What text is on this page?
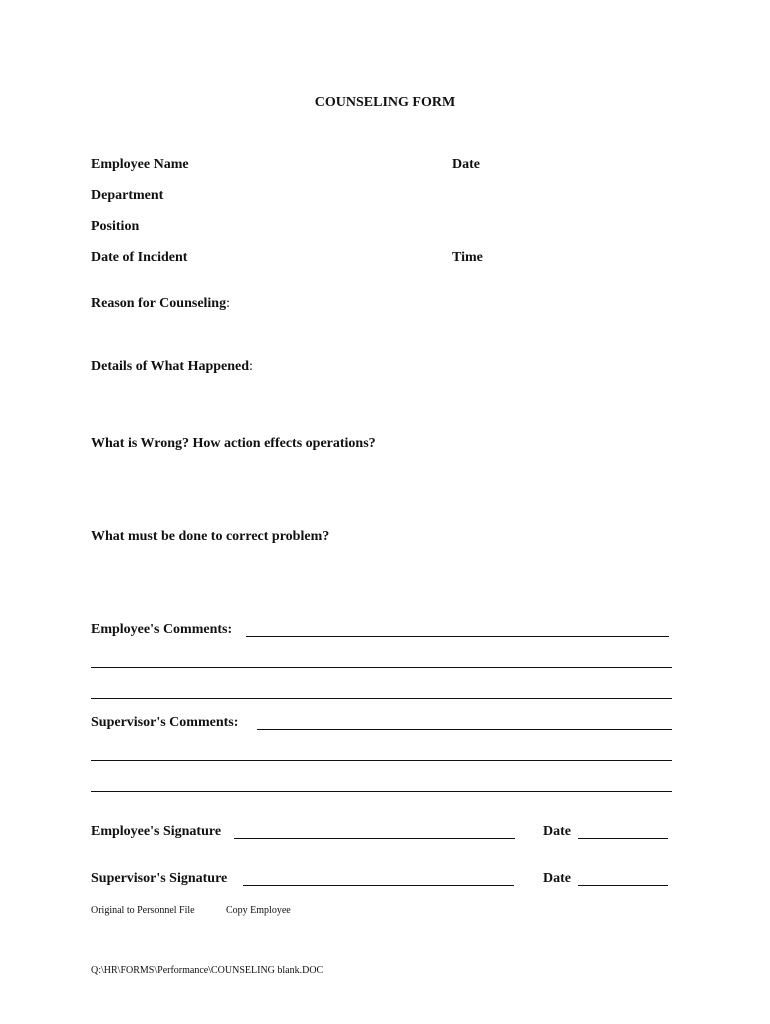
COUNSELING FORM
Employee Name	Date
Department
Position
Date of Incident	Time
Reason for Counseling:
Details of What Happened:
What is Wrong? How action effects operations?
What must be done to correct problem?
Employee's Comments:
Supervisor's Comments:
Employee's Signature	Date
Supervisor's Signature	Date
Original to Personnel File	Copy Employee
Q:\HR\FORMS\Performance\COUNSELING blank.DOC
